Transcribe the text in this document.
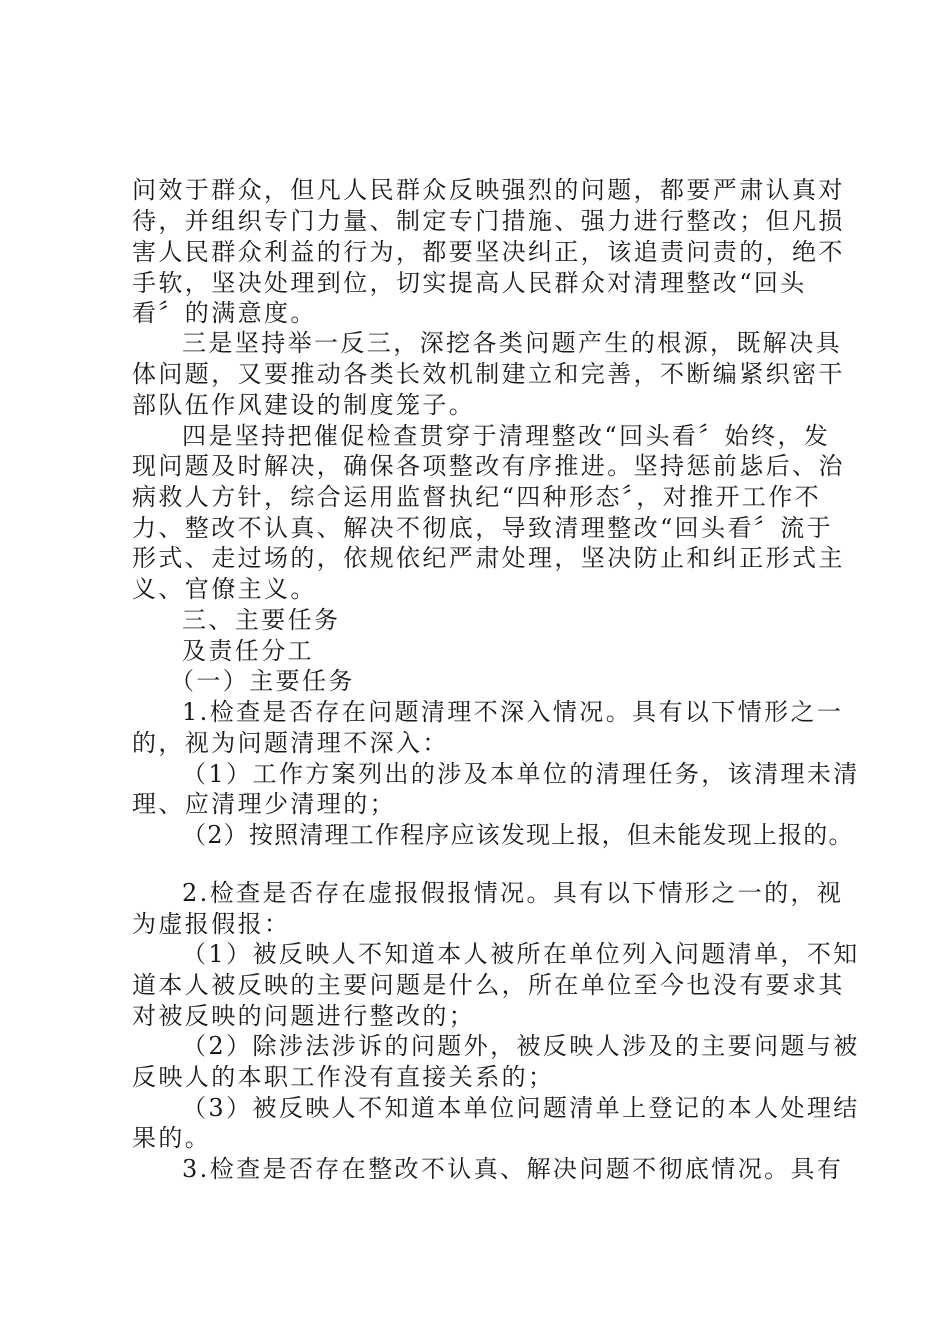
问效于群众，但凡人民群众反映强烈的问题，都要严肃认真对
待，并组织专门力量、制定专门措施、强力进行整改；但凡损
害人民群众利益的行为，都要坚决纠正，该追责问责的，绝不
手软，坚决处理到位，切实提高人民群众对清理整改“回头
看〞的满意度。
三是坚持举一反三，深挖各类问题产生的根源，既解决具
体问题，又要推动各类长效机制建立和完善，不断编紧织密干
部队伍作风建设的制度笼子。
四是坚持把催促检查贯穿于清理整改“回头看〞始终，发
现问题及时解决，确保各项整改有序推进。坚持惩前毖后、治
病救人方针，综合运用监督执纪“四种形态〞，对推开工作不
力、整改不认真、解决不彻底，导致清理整改“回头看〞流于
形式、走过场的，依规依纪严肃处理，坚决防止和纠正形式主
义、官僚主义。
三、主要任务
及责任分工
（一）主要任务
1.检查是否存在问题清理不深入情况。具有以下情形之一
的，视为问题清理不深入：
（1）工作方案列出的涉及本单位的清理任务，该清理未清
理、应清理少清理的；
（2）按照清理工作程序应该发现上报，但未能发现上报的。
2.检查是否存在虚报假报情况。具有以下情形之一的，视
为虚报假报：
（1）被反映人不知道本人被所在单位列入问题清单，不知
道本人被反映的主要问题是什么，所在单位至今也没有要求其
对被反映的问题进行整改的；
（2）除涉法涉诉的问题外，被反映人涉及的主要问题与被
反映人的本职工作没有直接关系的；
（3）被反映人不知道本单位问题清单上登记的本人处理结
果的。
3.检查是否存在整改不认真、解决问题不彻底情况。具有
